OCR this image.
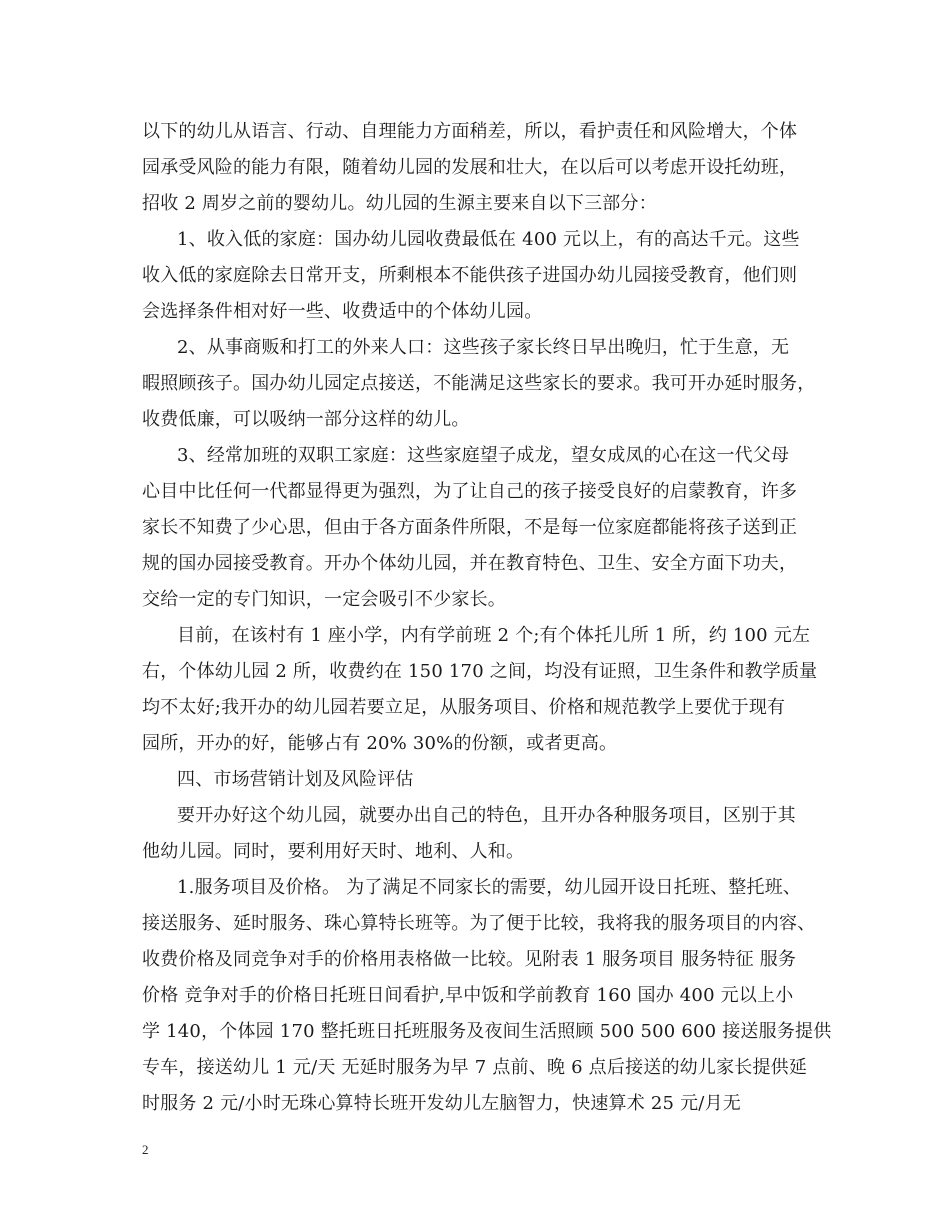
以下的幼儿从语言、行动、自理能力方面稍差，所以，看护责任和风险增大，个体
园承受风险的能力有限，随着幼儿园的发展和壮大，在以后可以考虑开设托幼班，
招收 2 周岁之前的婴幼儿。幼儿园的生源主要来自以下三部分：
1、收入低的家庭：国办幼儿园收费最低在 400 元以上，有的高达千元。这些
收入低的家庭除去日常开支，所剩根本不能供孩子进国办幼儿园接受教育，他们则
会选择条件相对好一些、收费适中的个体幼儿园。
2、从事商贩和打工的外来人口：这些孩子家长终日早出晚归，忙于生意，无
暇照顾孩子。国办幼儿园定点接送，不能满足这些家长的要求。我可开办延时服务，
收费低廉，可以吸纳一部分这样的幼儿。
3、经常加班的双职工家庭：这些家庭望子成龙，望女成凤的心在这一代父母
心目中比任何一代都显得更为强烈，为了让自己的孩子接受良好的启蒙教育，许多
家长不知费了少心思，但由于各方面条件所限，不是每一位家庭都能将孩子送到正
规的国办园接受教育。开办个体幼儿园，并在教育特色、卫生、安全方面下功夫，
交给一定的专门知识，一定会吸引不少家长。
目前，在该村有 1 座小学，内有学前班 2 个;有个体托儿所 1 所，约 100 元左
右，个体幼儿园 2 所，收费约在 150 170 之间，均没有证照，卫生条件和教学质量
均不太好;我开办的幼儿园若要立足，从服务项目、价格和规范教学上要优于现有
园所，开办的好，能够占有 20% 30%的份额，或者更高。
四、市场营销计划及风险评估
要开办好这个幼儿园，就要办出自己的特色，且开办各种服务项目，区别于其
他幼儿园。同时，要利用好天时、地利、人和。
1.服务项目及价格。 为了满足不同家长的需要，幼儿园开设日托班、整托班、
接送服务、延时服务、珠心算特长班等。为了便于比较，我将我的服务项目的内容、
收费价格及同竞争对手的价格用表格做一比较。见附表 1 服务项目 服务特征 服务
价格 竞争对手的价格日托班日间看护,早中饭和学前教育 160 国办 400 元以上小
学 140，个体园 170 整托班日托班服务及夜间生活照顾 500 500 600 接送服务提供
专车，接送幼儿 1 元/天 无延时服务为早 7 点前、晚 6 点后接送的幼儿家长提供延
时服务 2 元/小时无珠心算特长班开发幼儿左脑智力，快速算术 25 元/月无
2
